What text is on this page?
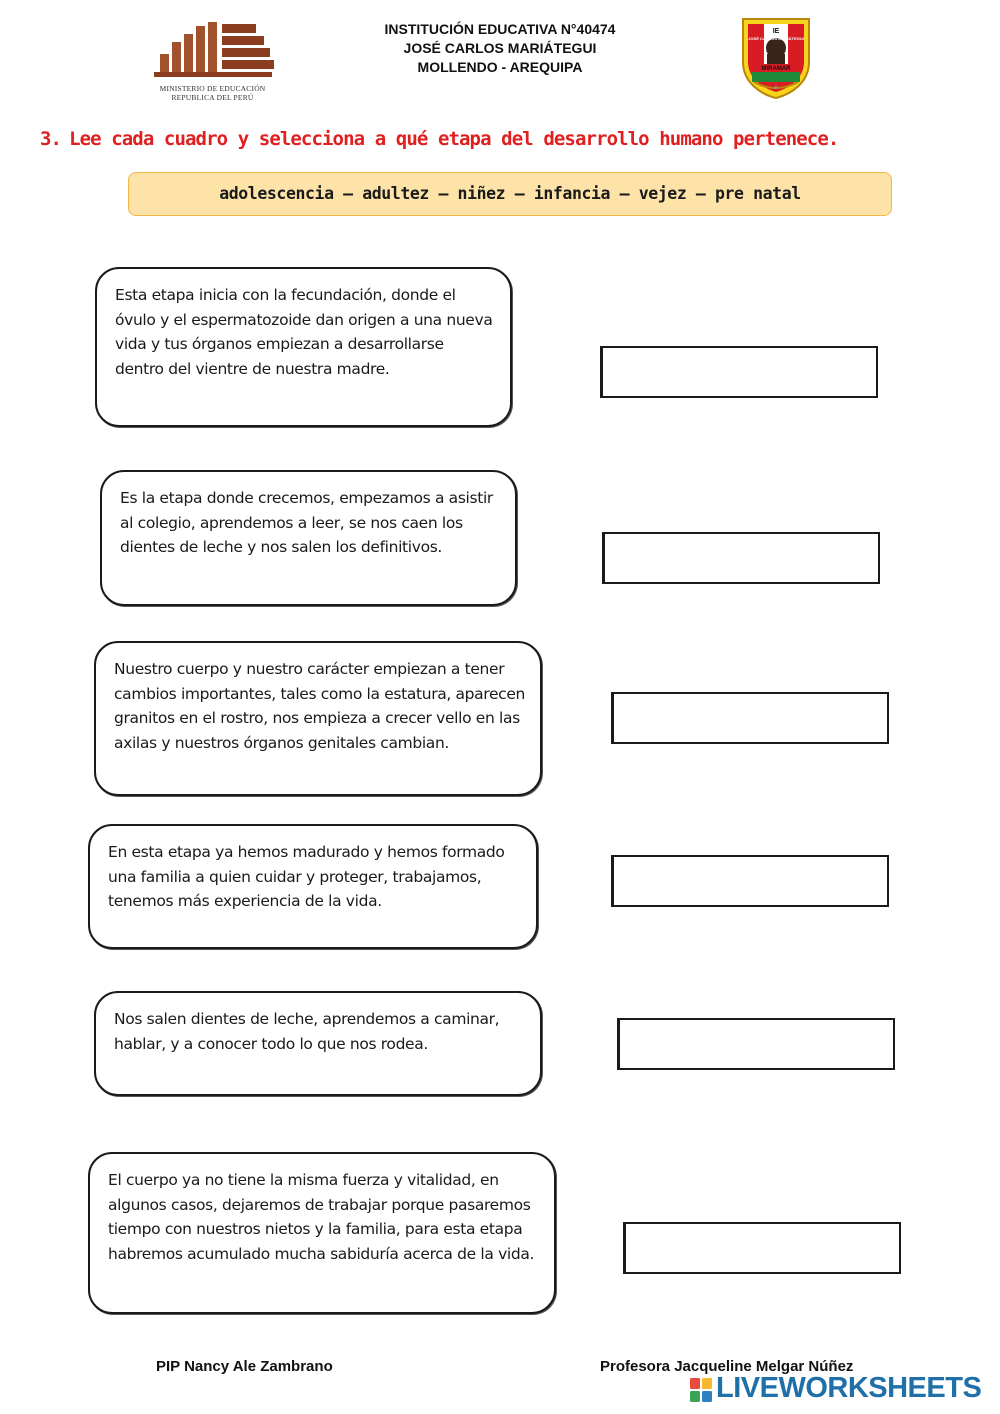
MINISTERIO DE EDUCACIÓN
REPUBLICA DEL PERÚ
INSTITUCIÓN EDUCATIVA N°40474
JOSÉ CARLOS MARIÁTEGUI
MOLLENDO - AREQUIPA
⚓
IE
JOSÉ CARLOS MARIÁTEGUI
MIRAMAR
3. Lee cada cuadro y selecciona a qué etapa del desarrollo humano pertenece.
adolescencia – adultez – niñez – infancia – vejez – pre natal
Esta etapa inicia con la fecundación, donde el óvulo y el espermatozoide dan origen a una nueva vida y tus órganos empiezan a desarrollarse dentro del vientre de nuestra madre.
Es la etapa donde crecemos, empezamos a asistir al colegio, aprendemos a leer, se nos caen los dientes de leche y nos salen los definitivos.
Nuestro cuerpo y nuestro carácter empiezan a tener cambios importantes, tales como la estatura, aparecen granitos en el rostro, nos empieza a crecer vello en las axilas y nuestros órganos genitales cambian.
En esta etapa ya hemos madurado y hemos formado una familia a quien cuidar y proteger, trabajamos, tenemos más experiencia de la vida.
Nos salen dientes de leche, aprendemos a caminar, hablar, y a conocer todo lo que nos rodea.
El cuerpo ya no tiene la misma fuerza y vitalidad, en algunos casos, dejaremos de trabajar porque pasaremos tiempo con nuestros nietos y la familia, para esta etapa habremos acumulado mucha sabiduría acerca de la vida.
PIP Nancy Ale Zambrano	Profesora Jacqueline Melgar Núñez
LIVEWORKSHEETS
